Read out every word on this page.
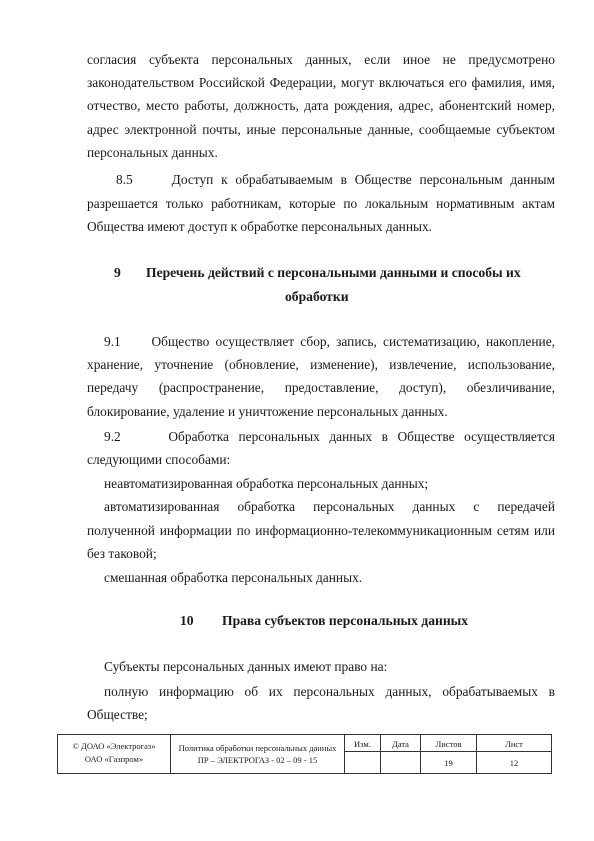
согласия субъекта персональных данных, если иное не предусмотрено
законодательством Российской Федерации, могут включаться его фамилия, имя,
отчество, место работы, должность, дата рождения, адрес, абонентский номер,
адрес электронной почты, иные персональные данные, сообщаемые субъектом
персональных данных.
8.5     Доступ к обрабатываемым в Обществе персональным данным
разрешается только работникам, которые по локальным нормативным актам
Общества имеют доступ к обработке персональных данных.
9 Перечень действий с персональными данными и способы их
обработки
9.1     Общество осуществляет сбор, запись, систематизацию, накопление,
хранение, уточнение (обновление, изменение), извлечение, использование,
передачу     (распространение,     предоставление,     доступ),     обезличивание,
блокирование, удаление и уничтожение персональных данных.
9.2     Обработка персональных данных в Обществе осуществляется
следующими способами:
неавтоматизированная обработка персональных данных;
автоматизированная обработка персональных данных с передачей
полученной информации по информационно-телекоммуникационным сетям или
без таковой;
смешанная обработка персональных данных.
10 Права субъектов персональных данных
Субъекты персональных данных имеют право на:
полную информацию об их персональных данных, обрабатываемых в
Обществе;
© ДОАО «Электрогаз»
ОАО «Газпром»
Политика обработки персональных данных
ПР – ЭЛЕКТРОГАЗ - 02 – 09 - 15
Изм.	Дата	Листов
19
Лист
12
